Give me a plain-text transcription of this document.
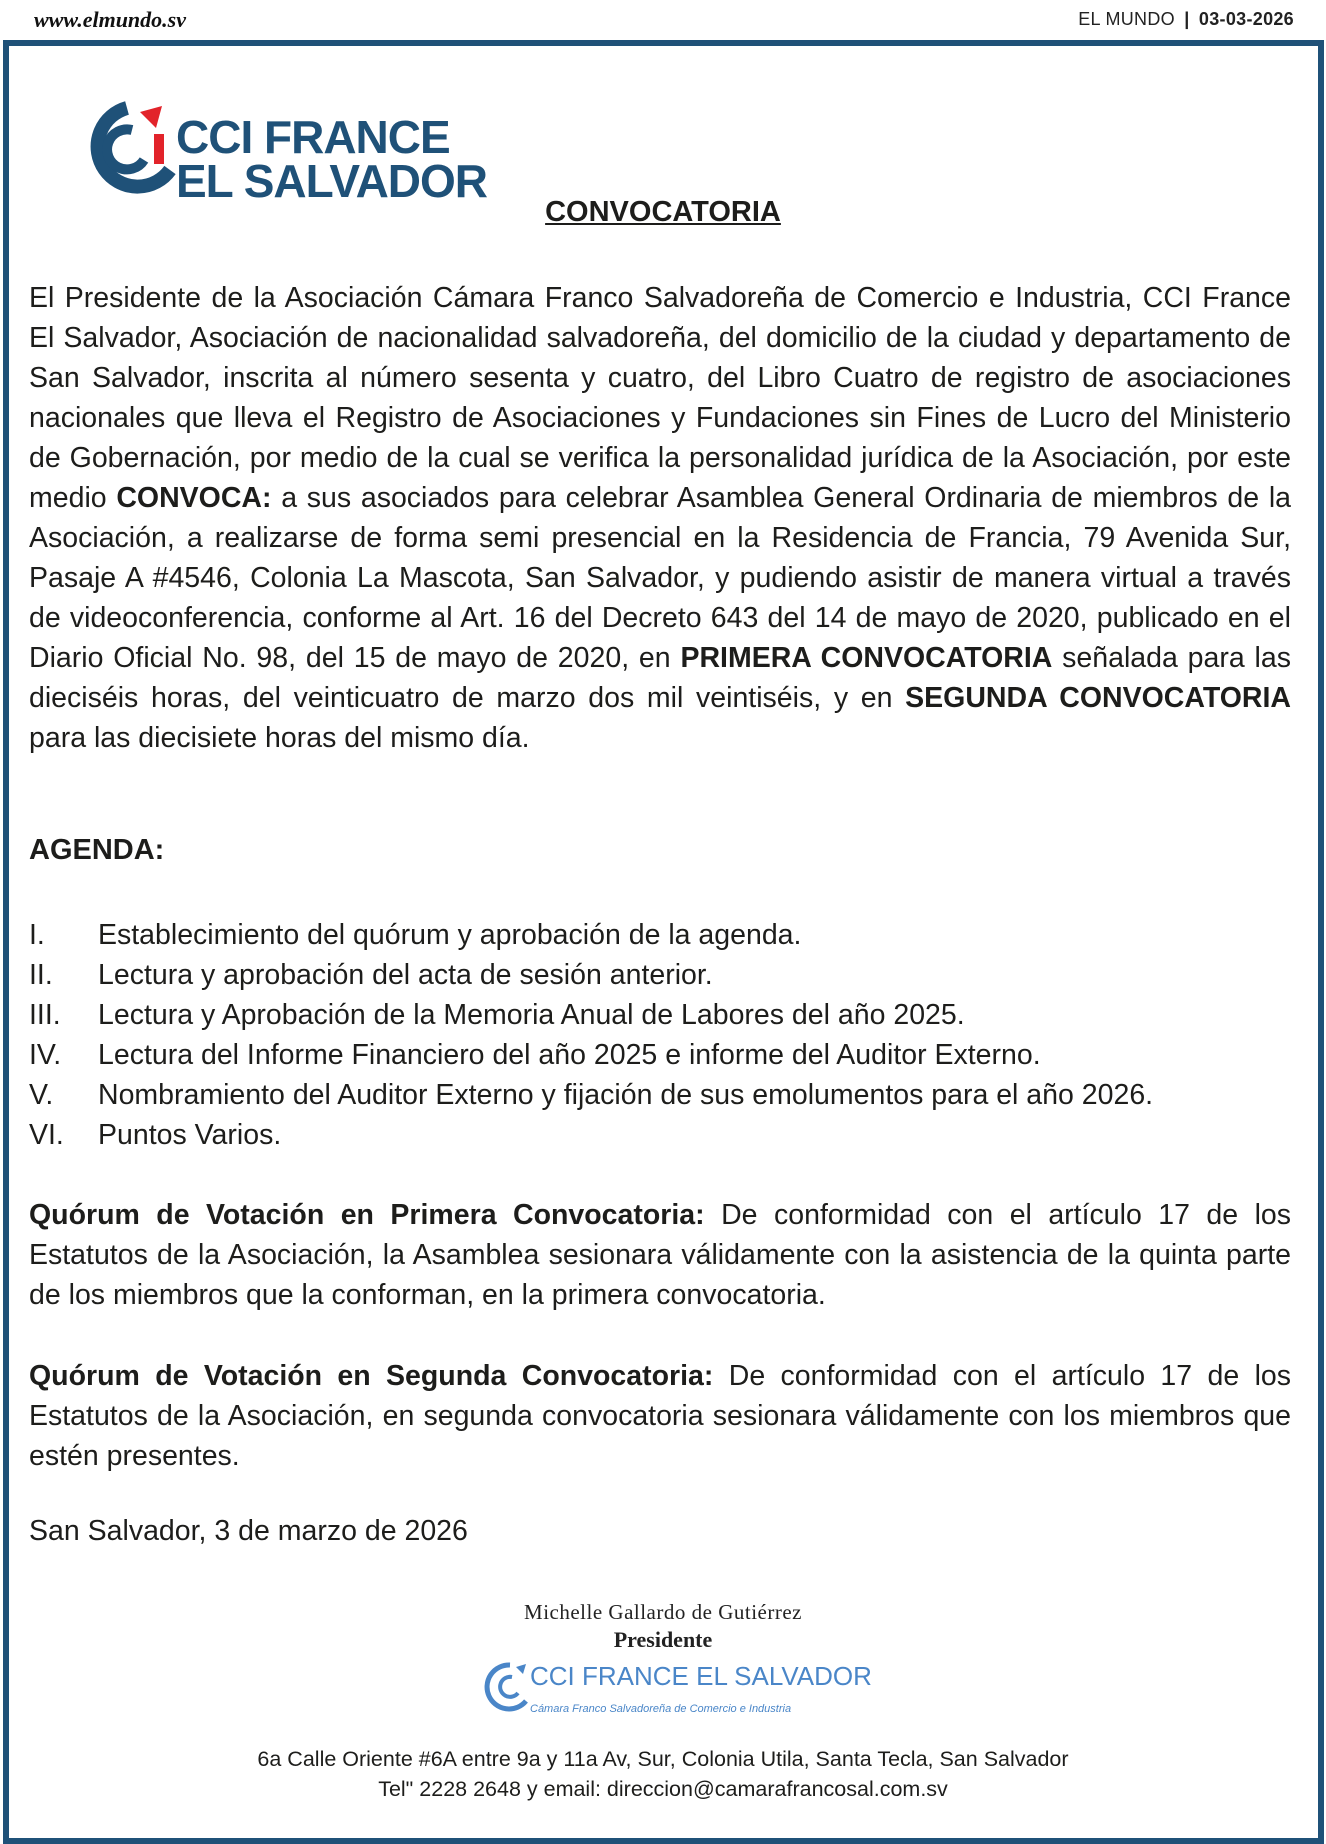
www.elmundo.sv	EL MUNDO | 03-03-2026
CCI FRANCE
EL SALVADOR
CONVOCATORIA

El Presidente de la Asociación Cámara Franco Salvadoreña de Comercio e Industria, CCI France El Salvador, Asociación de nacionalidad salvadoreña, del domicilio de la ciudad y departamento de San Salvador, inscrita al número sesenta y cuatro, del Libro Cuatro de registro de asociaciones nacionales que lleva el Registro de Asociaciones y Fundaciones sin Fines de Lucro del Ministerio de Gobernación, por medio de la cual se verifica la personalidad jurídica de la Asociación, por este medio CONVOCA: a sus asociados para celebrar Asamblea General Ordinaria de miembros de la Asociación, a realizarse de forma semi presencial en la Residencia de Francia, 79 Avenida Sur, Pasaje A #4546, Colonia La Mascota, San Salvador, y pudiendo asistir de manera virtual a través de videoconferencia, conforme al Art. 16 del Decreto 643 del 14 de mayo de 2020, publicado en el Diario Oficial No. 98, del 15 de mayo de 2020, en PRIMERA CONVOCATORIA señalada para las dieciséis horas, del veinticuatro de marzo dos mil veintiséis, y en SEGUNDA CONVOCATORIA para las diecisiete horas del mismo día.

AGENDA:
I. Establecimiento del quórum y aprobación de la agenda.
II. Lectura y aprobación del acta de sesión anterior.
III. Lectura y Aprobación de la Memoria Anual de Labores del año 2025.
IV. Lectura del Informe Financiero del año 2025 e informe del Auditor Externo.
V. Nombramiento del Auditor Externo y fijación de sus emolumentos para el año 2026.
VI. Puntos Varios.

Quórum de Votación en Primera Convocatoria: De conformidad con el artículo 17 de los Estatutos de la Asociación, la Asamblea sesionara válidamente con la asistencia de la quinta parte de los miembros que la conforman, en la primera convocatoria.

Quórum de Votación en Segunda Convocatoria: De conformidad con el artículo 17 de los Estatutos de la Asociación, en segunda convocatoria sesionara válidamente con los miembros que estén presentes.

San Salvador, 3 de marzo de 2026
Michelle Gallardo de Gutiérrez
Presidente
CCI FRANCE EL SALVADOR
Cámara Franco Salvadoreña de Comercio e Industria
6a Calle Oriente #6A entre 9a y 11a Av, Sur, Colonia Utila, Santa Tecla, San Salvador
Tel" 2228 2648 y email: direccion@camarafrancosal.com.sv
